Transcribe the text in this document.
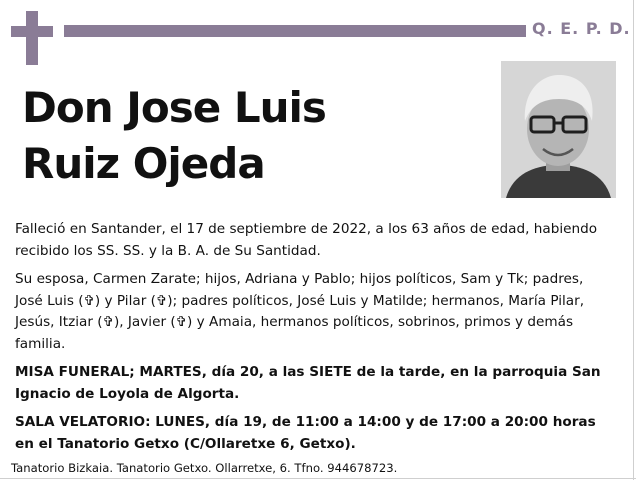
Q. E. P. D.
Don Jose Luis
Ruiz Ojeda

Falleció en Santander, el 17 de septiembre de 2022, a los 63 años de edad, habiendo recibido los SS. SS. y la B. A. de Su Santidad.

Su esposa, Carmen Zarate; hijos, Adriana y Pablo; hijos políticos, Sam y Tk; padres, José Luis (✞) y Pilar (✞); padres políticos, José Luis y Matilde; hermanos, María Pilar, Jesús, Itziar (✞), Javier (✞) y Amaia, hermanos políticos, sobrinos, primos y demás familia.

MISA FUNERAL; MARTES, día 20, a las SIETE de la tarde, en la parroquia San Ignacio de Loyola de Algorta.

SALA VELATORIO: LUNES, día 19, de 11:00 a 14:00 y de 17:00 a 20:00 horas en el Tanatorio Getxo (C/Ollaretxe 6, Getxo).

Tanatorio Bizkaia. Tanatorio Getxo. Ollarretxe, 6. Tfno. 944678723.
